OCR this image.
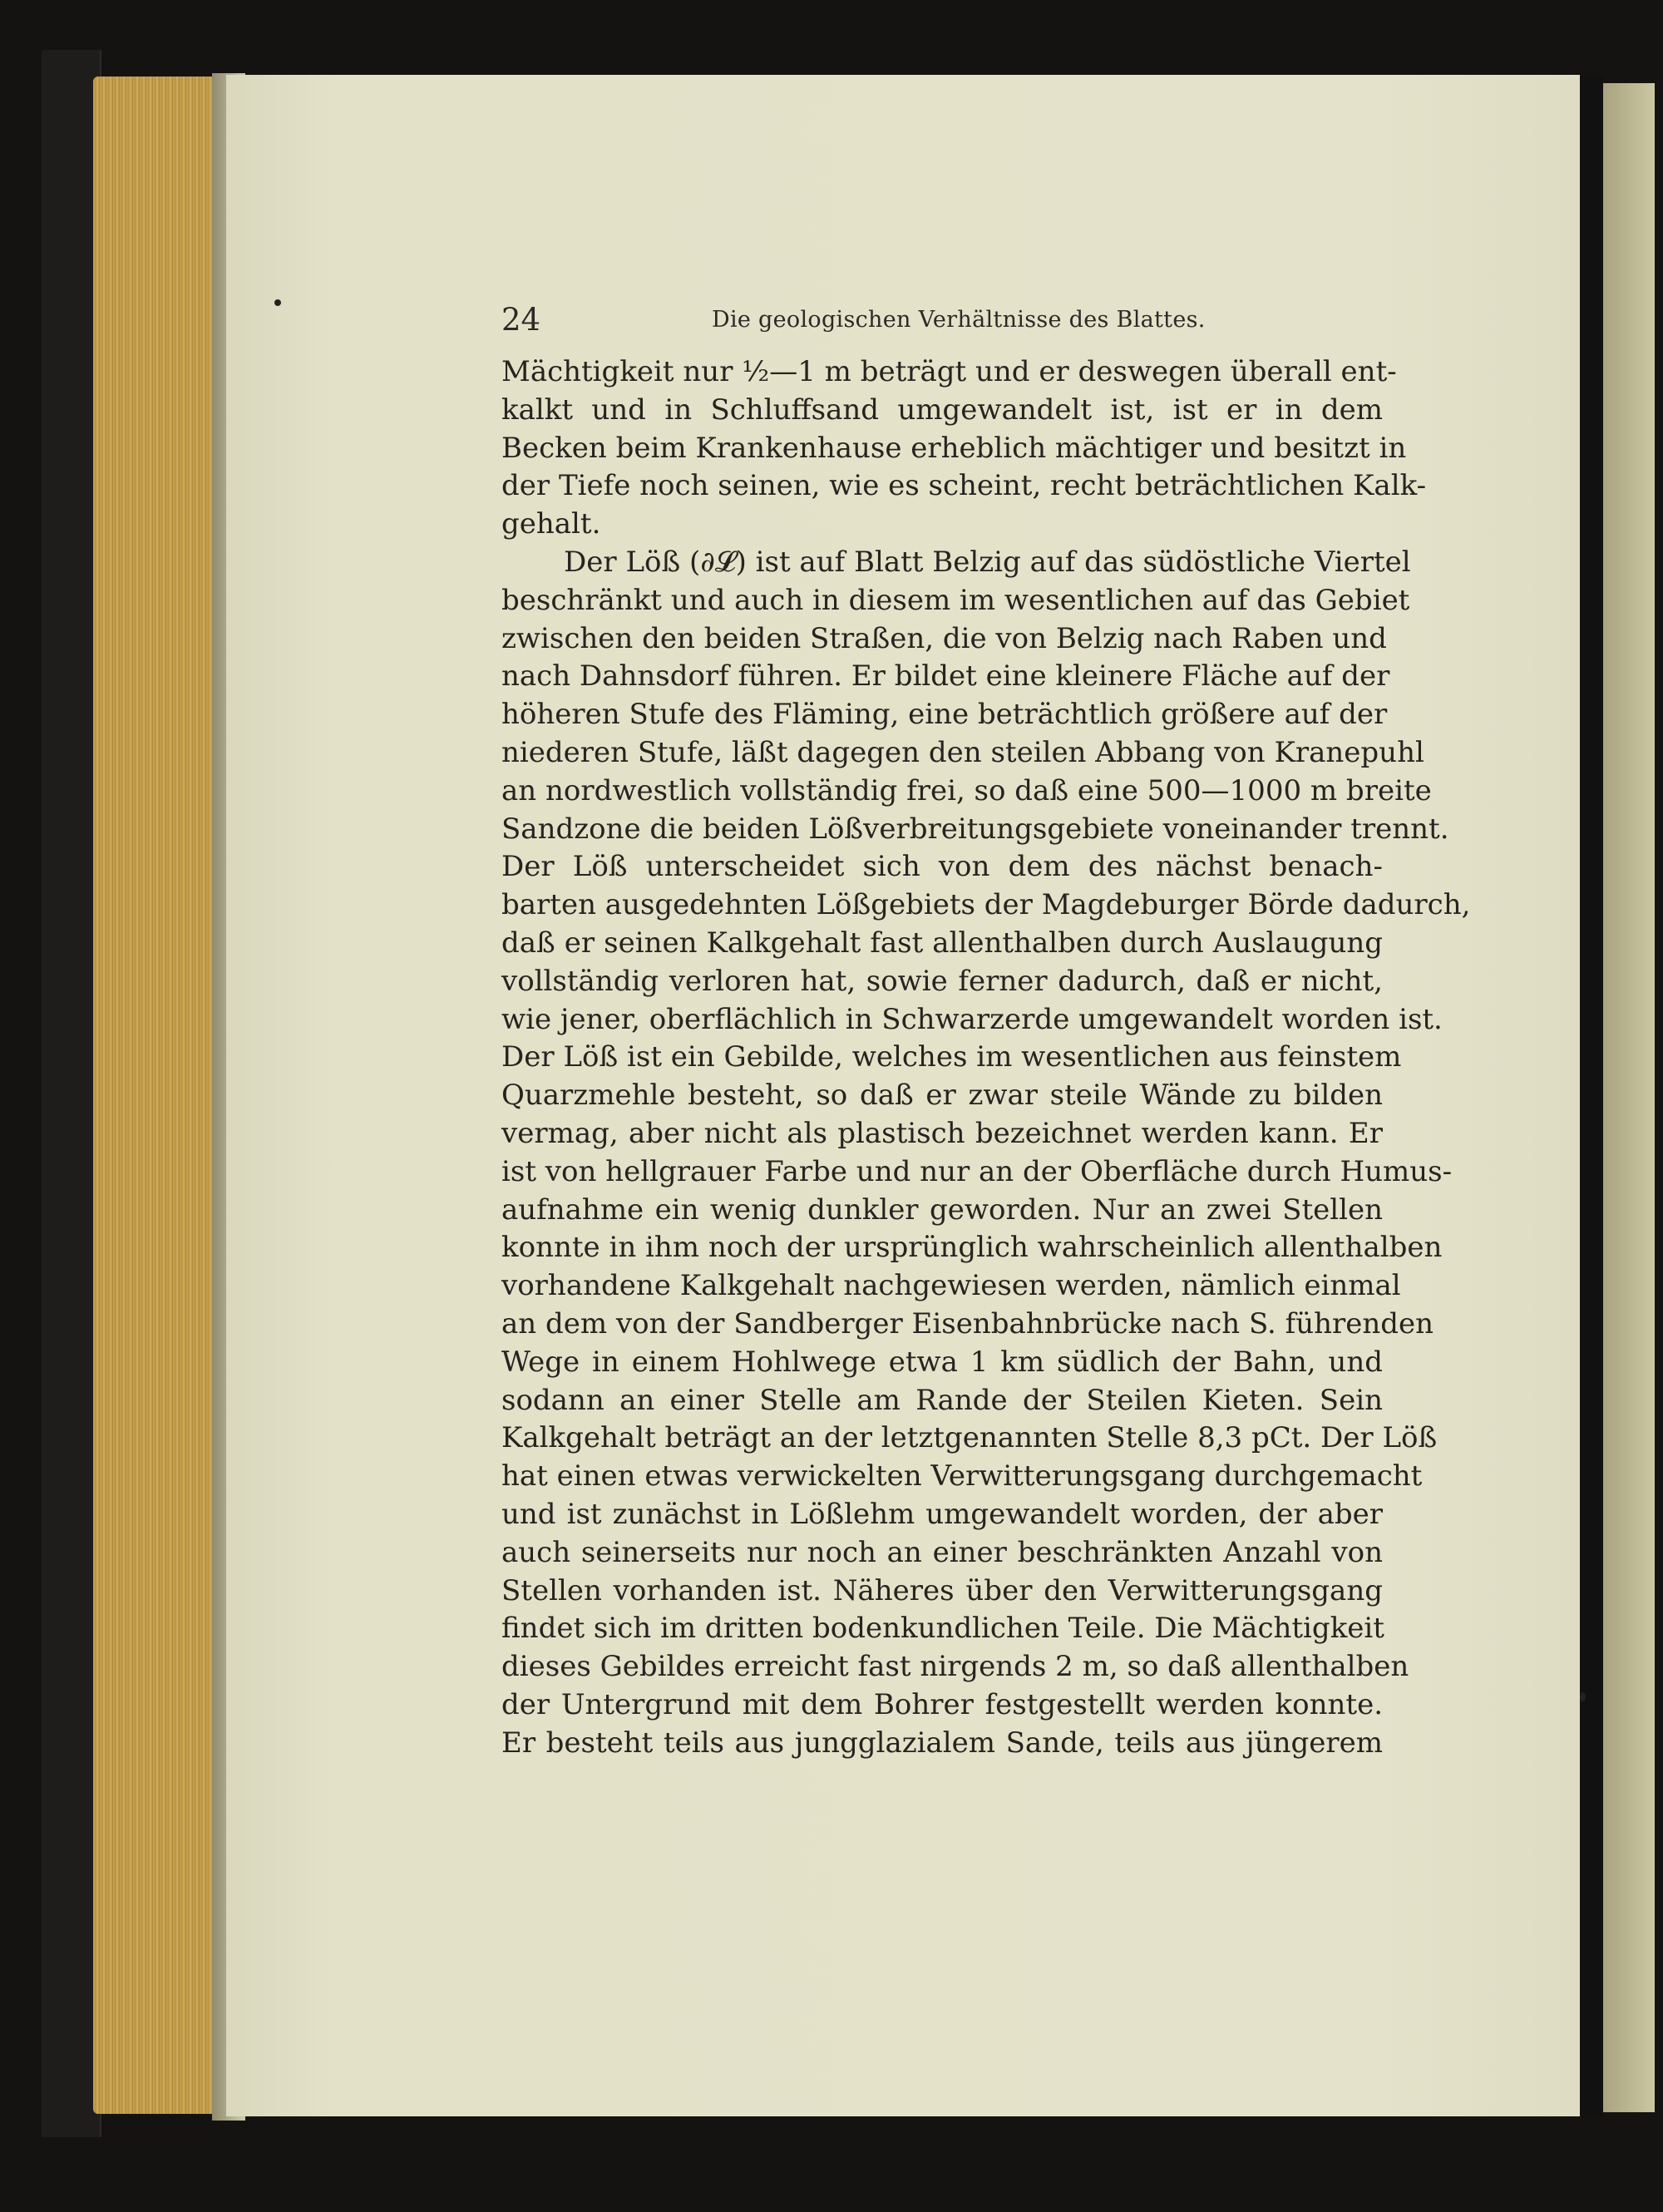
24	Die geologischen Verhältnisse des Blattes.
Mächtigkeit nur ½—1 m beträgt und er deswegen überall ent-
kalkt und in Schluffsand umgewandelt ist, ist er in dem
Becken beim Krankenhause erheblich mächtiger und besitzt in
der Tiefe noch seinen, wie es scheint, recht beträchtlichen Kalk-
gehalt.
Der Löß (∂𝓛) ist auf Blatt Belzig auf das südöstliche Viertel
beschränkt und auch in diesem im wesentlichen auf das Gebiet
zwischen den beiden Straßen, die von Belzig nach Raben und
nach Dahnsdorf führen. Er bildet eine kleinere Fläche auf der
höheren Stufe des Fläming, eine beträchtlich größere auf der
niederen Stufe, läßt dagegen den steilen Abbang von Kranepuhl
an nordwestlich vollständig frei, so daß eine 500—1000 m breite
Sandzone die beiden Lößverbreitungsgebiete voneinander trennt.
Der Löß unterscheidet sich von dem des nächst benach-
barten ausgedehnten Lößgebiets der Magdeburger Börde dadurch,
daß er seinen Kalkgehalt fast allenthalben durch Auslaugung
vollständig verloren hat, sowie ferner dadurch, daß er nicht,
wie jener, oberflächlich in Schwarzerde umgewandelt worden ist.
Der Löß ist ein Gebilde, welches im wesentlichen aus feinstem
Quarzmehle besteht, so daß er zwar steile Wände zu bilden
vermag, aber nicht als plastisch bezeichnet werden kann. Er
ist von hellgrauer Farbe und nur an der Oberfläche durch Humus-
aufnahme ein wenig dunkler geworden. Nur an zwei Stellen
konnte in ihm noch der ursprünglich wahrscheinlich allenthalben
vorhandene Kalkgehalt nachgewiesen werden, nämlich einmal
an dem von der Sandberger Eisenbahnbrücke nach S. führenden
Wege in einem Hohlwege etwa 1 km südlich der Bahn, und
sodann an einer Stelle am Rande der Steilen Kieten. Sein
Kalkgehalt beträgt an der letztgenannten Stelle 8,3 pCt. Der Löß
hat einen etwas verwickelten Verwitterungsgang durchgemacht
und ist zunächst in Lößlehm umgewandelt worden, der aber
auch seinerseits nur noch an einer beschränkten Anzahl von
Stellen vorhanden ist. Näheres über den Verwitterungsgang
findet sich im dritten bodenkundlichen Teile. Die Mächtigkeit
dieses Gebildes erreicht fast nirgends 2 m, so daß allenthalben
der Untergrund mit dem Bohrer festgestellt werden konnte.
Er besteht teils aus jungglazialem Sande, teils aus jüngerem
